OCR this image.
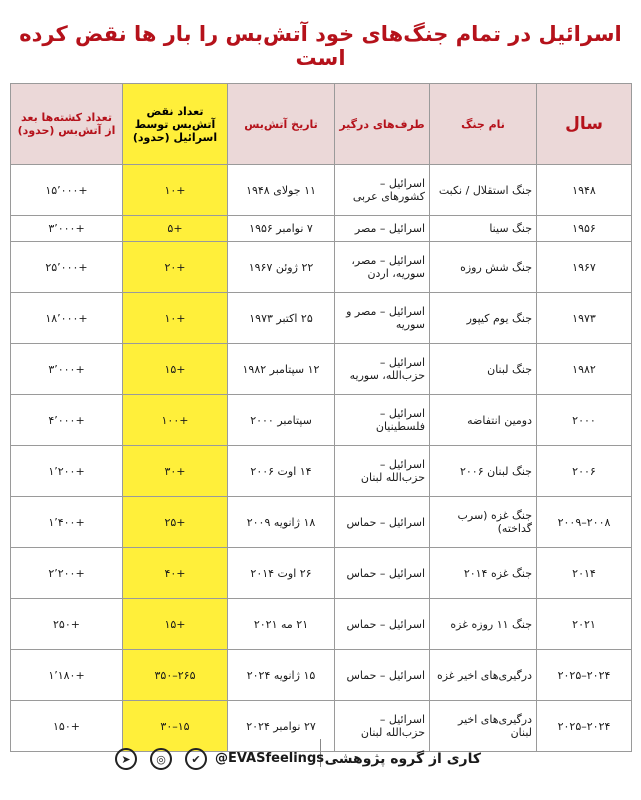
اسرائیل در تمام جنگ‌های خود آتش‌بس را بار ها نقض کرده است
سال	نام جنگ	طرف‌های درگیر	تاریخ آتش‌بس	تعداد نقض آتش‌بس توسط اسرائیل (حدود)	تعداد کشته‌ها بعد از آتش‌بس (حدود)
۱۹۴۸	جنگ استقلال / نکبت	اسرائیل – کشورهای عربی	۱۱ جولای ۱۹۴۸	+۱۰	+۱۵٬۰۰۰
۱۹۵۶	جنگ سینا	اسرائیل – مصر	۷ نوامبر ۱۹۵۶	+۵	+۳٬۰۰۰
۱۹۶۷	جنگ شش روزه	اسرائیل – مصر، سوریه، اردن	۲۲ ژوئن ۱۹۶۷	+۲۰	+۲۵٬۰۰۰
۱۹۷۳	جنگ یوم کیپور	اسرائیل – مصر و سوریه	۲۵ اکتبر ۱۹۷۳	+۱۰	+۱۸٬۰۰۰
۱۹۸۲	جنگ لبنان	اسرائیل – حزب‌الله، سوریه	۱۲ سپتامبر ۱۹۸۲	+۱۵	+۳٬۰۰۰
۲۰۰۰	دومین انتفاضه	اسرائیل – فلسطینیان	سپتامبر ۲۰۰۰	+۱۰۰	+۴٬۰۰۰
۲۰۰۶	جنگ لبنان ۲۰۰۶	اسرائیل – حزب‌الله لبنان	۱۴ اوت ۲۰۰۶	+۳۰	+۱٬۲۰۰
۲۰۰۸–۲۰۰۹	جنگ غزه (سرب گداخته)	اسرائیل – حماس	۱۸ ژانویه ۲۰۰۹	+۲۵	+۱٬۴۰۰
۲۰۱۴	جنگ غزه ۲۰۱۴	اسرائیل – حماس	۲۶ اوت ۲۰۱۴	+۴۰	+۲٬۲۰۰
۲۰۲۱	جنگ ۱۱ روزه غزه	اسرائیل – حماس	۲۱ مه ۲۰۲۱	+۱۵	+۲۵۰
۲۰۲۴–۲۰۲۵	درگیری‌های اخیر غزه	اسرائیل – حماس	۱۵ ژانویه ۲۰۲۴	۲۶۵–۳۵۰	+۱٬۱۸۰
۲۰۲۴–۲۰۲۵	درگیری‌های اخیر لبنان	اسرائیل – حزب‌الله لبنان	۲۷ نوامبر ۲۰۲۴	۱۵–۳۰	+۱۵۰
کاری از گروه پژوهشی
@EVASfeelings
✔
◎
➤
